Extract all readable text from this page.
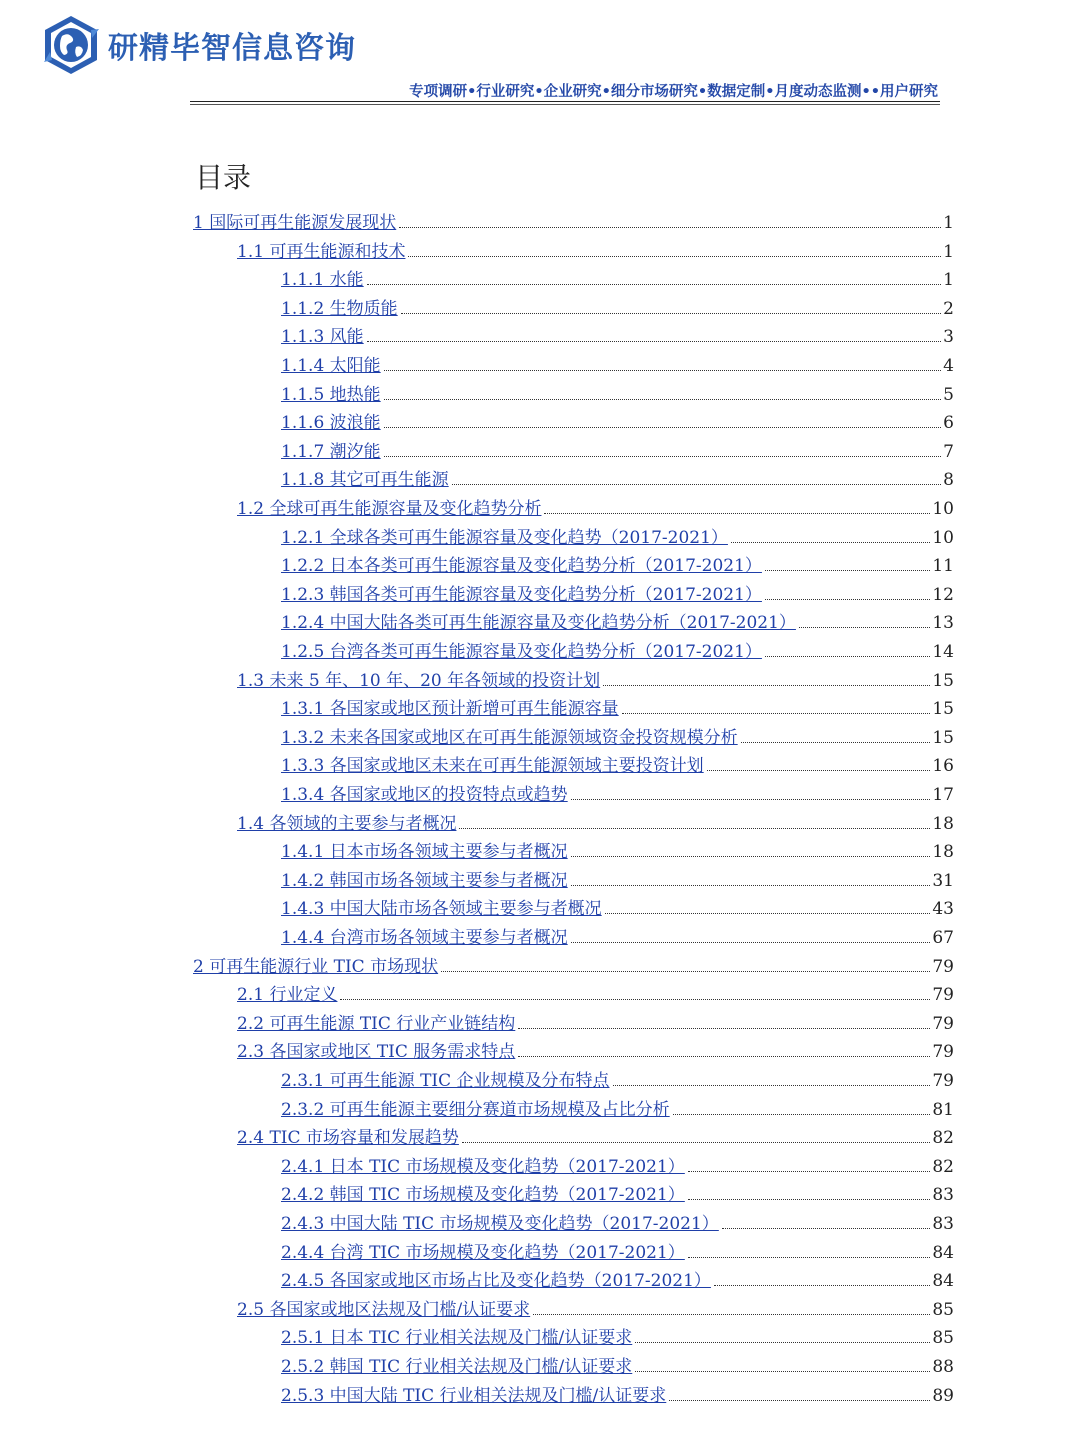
研精毕智信息咨询
专项调研•行业研究•企业研究•细分市场研究•数据定制•月度动态监测••用户研究
目录
1 国际可再生能源发展现状	1
1.1 可再生能源和技术	1
1.1.1 水能	1
1.1.2 生物质能	2
1.1.3 风能	3
1.1.4 太阳能	4
1.1.5 地热能	5
1.1.6 波浪能	6
1.1.7 潮汐能	7
1.1.8 其它可再生能源	8
1.2 全球可再生能源容量及变化趋势分析	10
1.2.1 全球各类可再生能源容量及变化趋势（2017-2021）	10
1.2.2 日本各类可再生能源容量及变化趋势分析（2017-2021）	11
1.2.3 韩国各类可再生能源容量及变化趋势分析（2017-2021）	12
1.2.4 中国大陆各类可再生能源容量及变化趋势分析（2017-2021）	13
1.2.5 台湾各类可再生能源容量及变化趋势分析（2017-2021）	14
1.3 未来 5 年、10 年、20 年各领域的投资计划	15
1.3.1 各国家或地区预计新增可再生能源容量	15
1.3.2 未来各国家或地区在可再生能源领域资金投资规模分析	15
1.3.3 各国家或地区未来在可再生能源领域主要投资计划	16
1.3.4 各国家或地区的投资特点或趋势	17
1.4 各领域的主要参与者概况	18
1.4.1 日本市场各领域主要参与者概况	18
1.4.2 韩国市场各领域主要参与者概况	31
1.4.3 中国大陆市场各领域主要参与者概况	43
1.4.4 台湾市场各领域主要参与者概况	67
2 可再生能源行业 TIC 市场现状	79
2.1 行业定义	79
2.2 可再生能源 TIC 行业产业链结构	79
2.3 各国家或地区 TIC 服务需求特点	79
2.3.1 可再生能源 TIC 企业规模及分布特点	79
2.3.2 可再生能源主要细分赛道市场规模及占比分析	81
2.4 TIC 市场容量和发展趋势	82
2.4.1 日本 TIC 市场规模及变化趋势（2017-2021）	82
2.4.2 韩国 TIC 市场规模及变化趋势（2017-2021）	83
2.4.3 中国大陆 TIC 市场规模及变化趋势（2017-2021）	83
2.4.4 台湾 TIC 市场规模及变化趋势（2017-2021）	84
2.4.5 各国家或地区市场占比及变化趋势（2017-2021）	84
2.5 各国家或地区法规及门槛/认证要求	85
2.5.1 日本 TIC 行业相关法规及门槛/认证要求	85
2.5.2 韩国 TIC 行业相关法规及门槛/认证要求	88
2.5.3 中国大陆 TIC 行业相关法规及门槛/认证要求	89
